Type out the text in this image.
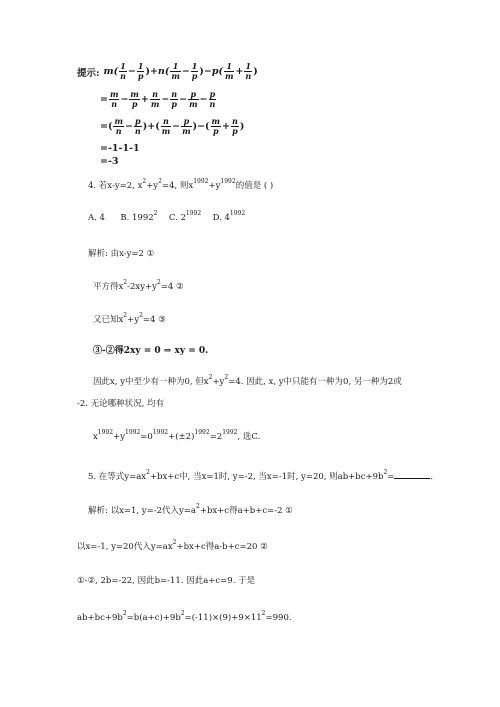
提示: $m( \frac{1}{n} - \frac{1}{p}$ )+ $n( \frac{1}{m} - \frac{1}{p}$ )− $p( \frac{1}{m} + \frac{1}{n}$ )
= $\frac{m}{n} - \frac{m}{p} + \frac{n}{m} - \frac{n}{p} - \frac{p}{m} - \frac{p}{n}$
=( $\frac{m}{n} - \frac{p}{n}$ )+( $\frac{n}{m} - \frac{p}{m}$ )−( $\frac{m}{p} + \frac{n}{p}$ )
=-1-1-1
=-3
4. 若x-y=2, $x^2+y^2=4$, 则$x^{1992}+y^{1992}$的值是 ( )
A. 4 B. 1992$^2$ C. $2^{1992}$ D. $4^{1992}$
解析: 由x-y=2 ①
平方得$x^2-2xy+y^2=4$ ②
又已知$x^2+y^2=4$ ③
③-②得2xy = 0 ⇒ xy = 0.
因此x, y中至少有一种为0, 但$x^2+y^2=4$. 因此, x, y中只能有一种为0, 另一种为2或
-2. 无论哪种状况, 均有
$x^{1992}+y^{1992}=0^{1992}+(\pm 2)^{1992}=2^{1992}$, 选C.
5. 在等式$y=ax^2+bx+c$中, 当x=1时, y=-2, 当x=-1时, y=20, 则$ab+bc+9b^2=$	.
解析: 以x=1, y=-2代入$y=a^2+bx+c$得a+b+c=-2 ①
以x=-1, y=20代入$y=ax^2+bx+c$得a-b+c=20 ②
①-②, 2b=-22, 因此b=-11. 因此a+c=9. 于是
$ab+bc+9b^2=b(a+c)+9b^2=(-11)\times(9)+9\times 11^2=990$.
